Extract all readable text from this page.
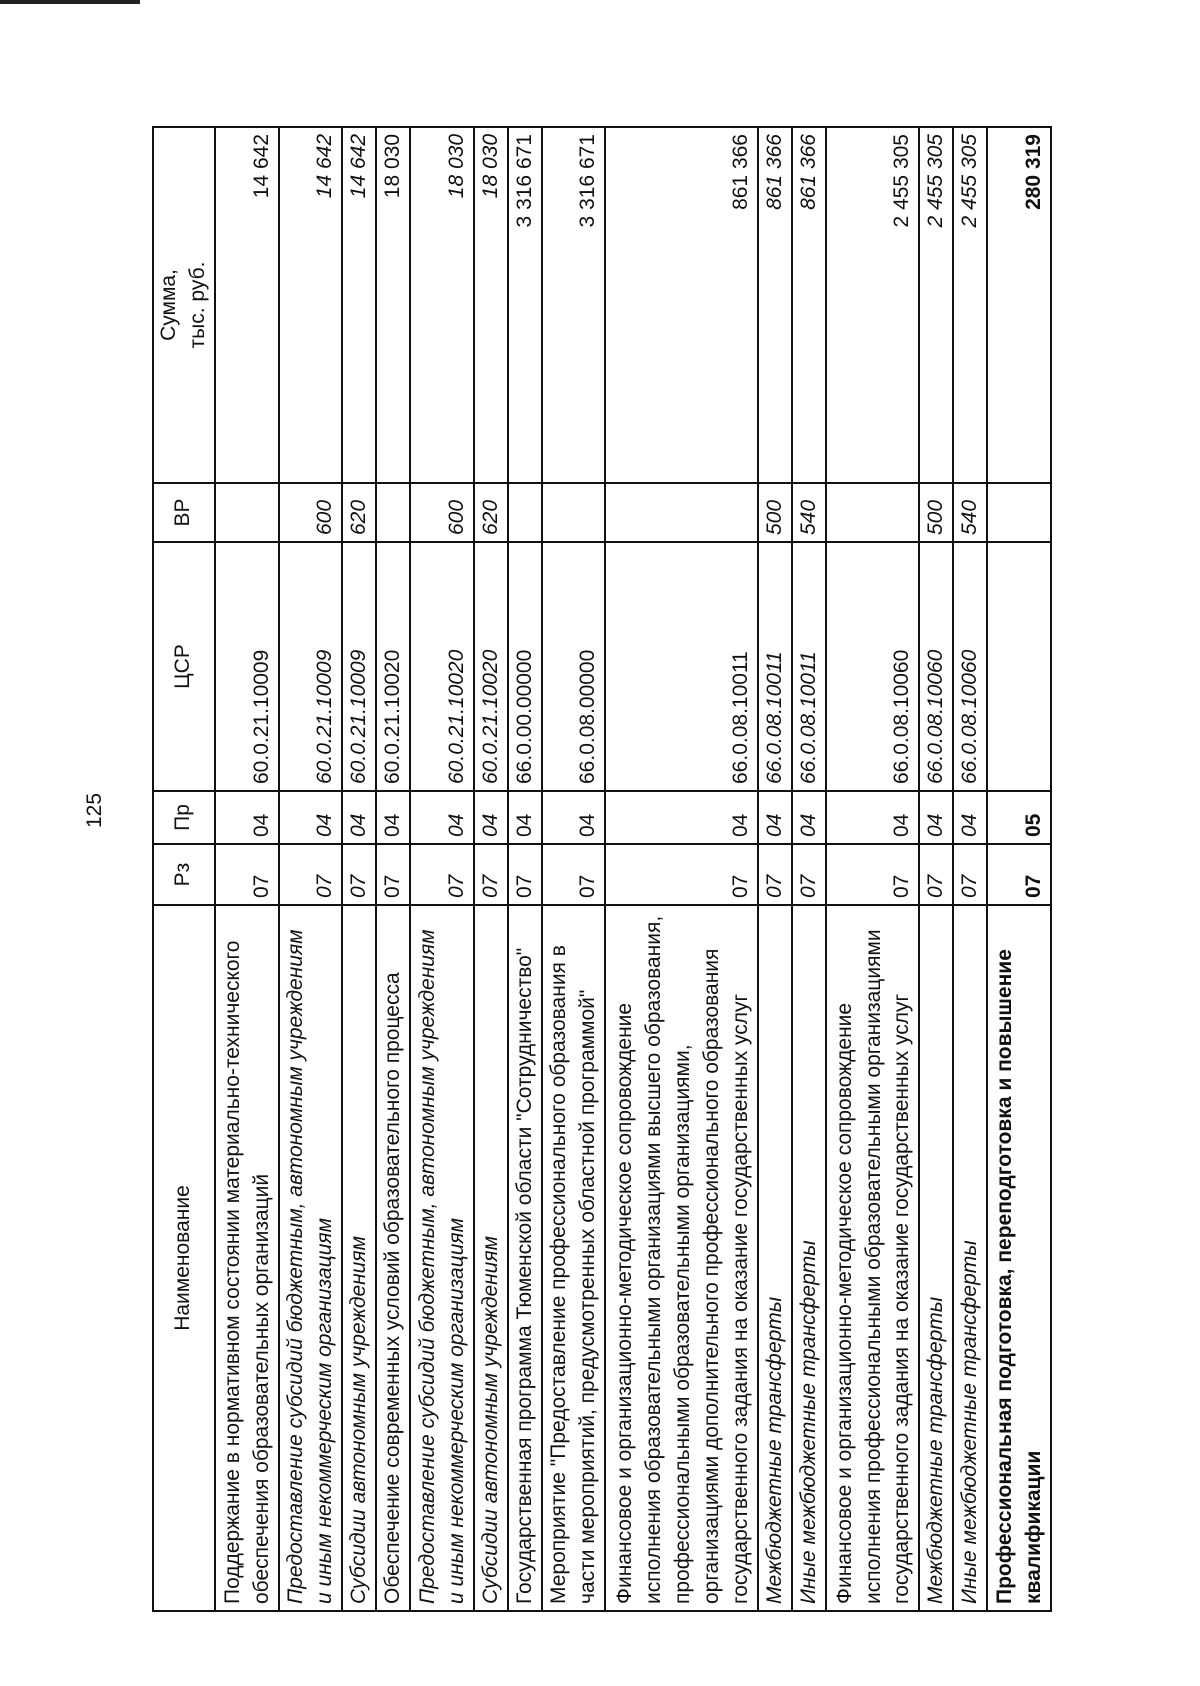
125
Наименование	Рз	Пр	ЦСР	ВР	Сумма, тыс. руб.
Поддержание в нормативном состоянии материально-технического обеспечения образовательных организаций	07	04	60.0.21.10009		14 642
Предоставление субсидий бюджетным, автономным учреждениям и иным некоммерческим организациям	07	04	60.0.21.10009	600	14 642
Субсидии автономным учреждениям	07	04	60.0.21.10009	620	14 642
Обеспечение современных условий образовательного процесса	07	04	60.0.21.10020		18 030
Предоставление субсидий бюджетным, автономным учреждениям и иным некоммерческим организациям	07	04	60.0.21.10020	600	18 030
Субсидии автономным учреждениям	07	04	60.0.21.10020	620	18 030
Государственная программа Тюменской области "Сотрудничество"	07	04	66.0.00.00000		3 316 671
Мероприятие "Предоставление профессионального образования в части мероприятий, предусмотренных областной программой"	07	04	66.0.08.00000		3 316 671
Финансовое и организационно-методическое сопровождение исполнения образовательными организациями высшего образования, профессиональными образовательными организациями, организациями дополнительного профессионального образования государственного задания на оказание государственных услуг	07	04	66.0.08.10011		861 366
Межбюджетные трансферты	07	04	66.0.08.10011	500	861 366
Иные межбюджетные трансферты	07	04	66.0.08.10011	540	861 366
Финансовое и организационно-методическое сопровождение исполнения профессиональными образовательными организациями государственного задания на оказание государственных услуг	07	04	66.0.08.10060		2 455 305
Межбюджетные трансферты	07	04	66.0.08.10060	500	2 455 305
Иные межбюджетные трансферты	07	04	66.0.08.10060	540	2 455 305
Профессиональная подготовка, переподготовка и повышение квалификации	07	05			280 319
